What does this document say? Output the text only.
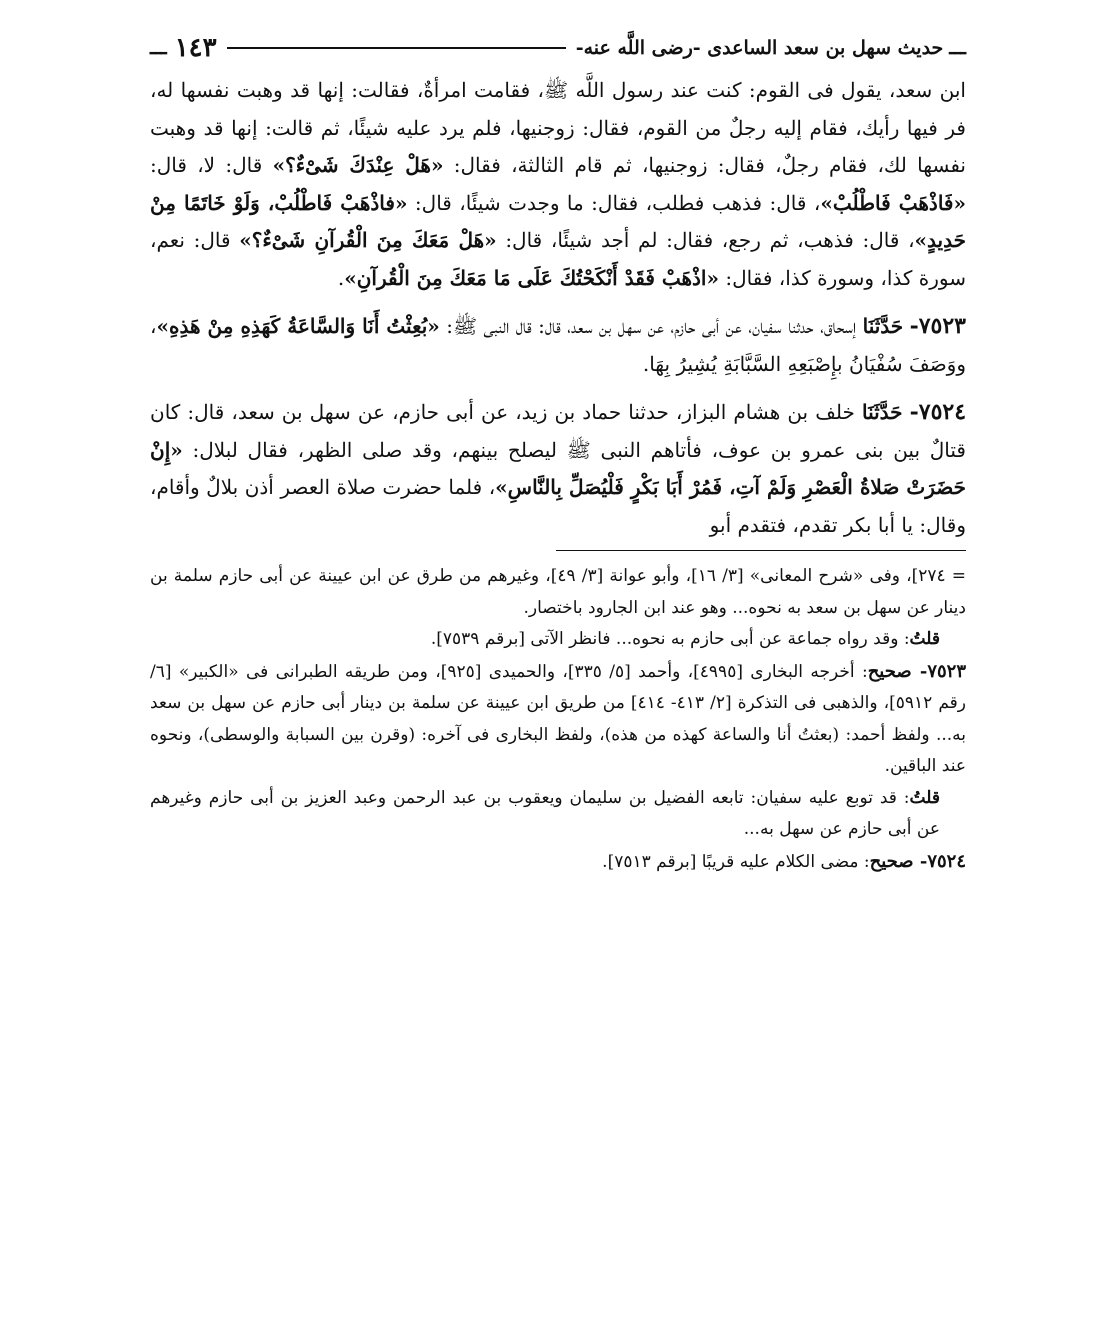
ـــ
حديث سهل بن سعد الساعدى -رضى اللَّه عنه-
١٤٣
ـــ

ابن سعد، يقول فى القوم: كنت عند رسول اللَّه ﷺ، فقامت امرأةٌ، فقالت: إنها قد وهبت نفسها له، فر فيها رأيك، فقام إليه رجلٌ من القوم، فقال: زوجنيها، فلم يرد عليه شيئًا، ثم قالت: إنها قد وهبت نفسها لك، فقام رجلٌ، فقال: زوجنيها، ثم قام الثالثة، فقال: «هَلْ عِنْدَكَ شَىْءٌ؟» قال: لا، قال: «فَاذْهَبْ فَاطْلُبْ»، قال: فذهب فطلب، فقال: ما وجدت شيئًا، قال: «فاذْهَبْ فَاطْلُبْ، وَلَوْ خَاتَمًا مِنْ حَدِيدٍ»، قال: فذهب، ثم رجع، فقال: لم أجد شيئًا، قال: «هَلْ مَعَكَ مِنَ الْقُرآنِ شَىْءٌ؟» قال: نعم، سورة كذا، وسورة كذا، فقال: «اذْهَبْ فَقَدْ أَنْكَحْتُكَ عَلَى مَا مَعَكَ مِنَ الْقُرآنِ».

٧٥٢٣- حَدَّثَنَا إسحاق، حدثنا سفيان، عن أبى حازم، عن سهل بن سعد، قال: قال النبى ﷺ: «بُعِثْتُ أَنَا وَالسَّاعَةُ كَهَذِهِ مِنْ هَذِهِ»، ووَصَفَ سُفْيَانُ بإِصْبَعِهِ السَّبَّابَةِ يُشِيرُ بِهَا.

٧٥٢٤- حَدَّثَنَا خلف بن هشام البزاز، حدثنا حماد بن زيد، عن أبى حازم، عن سهل بن سعد، قال: كان قتالٌ بين بنى عمرو بن عوف، فأتاهم النبى ﷺ ليصلح بينهم، وقد صلى الظهر، فقال لبلال: «إِنْ حَضَرَتْ صَلاةُ الْعَصْرِ وَلَمْ آتِ، فَمُرْ أَبَا بَكْرٍ فَلْيُصَلِّ بِالنَّاسِ»، فلما حضرت صلاة العصر أذن بلالٌ وأقام، وقال: يا أبا بكر تقدم، فتقدم أبو

= ٢٧٤]، وفى «شرح المعانى» [٣/ ١٦]، وأبو عوانة [٣/ ٤٩]، وغيرهم من طرق عن ابن عيينة عن أبى حازم سلمة بن دينار عن سهل بن سعد به نحوه... وهو عند ابن الجارود باختصار.

قلتُ: وقد رواه جماعة عن أبى حازم به نحوه... فانظر الآتى [برقم ٧٥٣٩].

٧٥٢٣- صحيح: أخرجه البخارى [٤٩٩٥]، وأحمد [٥/ ٣٣٥]، والحميدى [٩٢٥]، ومن طريقه الطبرانى فى «الكبير» [٦/ رقم ٥٩١٢]، والذهبى فى التذكرة [٢/ ٤١٣- ٤١٤] من طريق ابن عيينة عن سلمة بن دينار أبى حازم عن سهل بن سعد به... ولفظ أحمد: (بعثتُ أنا والساعة كهذه من هذه)، ولفظ البخارى فى آخره: (وقرن بين السبابة والوسطى)، ونحوه عند الباقين.

قلتُ: قد توبع عليه سفيان: تابعه الفضيل بن سليمان ويعقوب بن عبد الرحمن وعبد العزيز بن أبى حازم وغيرهم عن أبى حازم عن سهل به...

٧٥٢٤- صحيح: مضى الكلام عليه قريبًا [برقم ٧٥١٣].
